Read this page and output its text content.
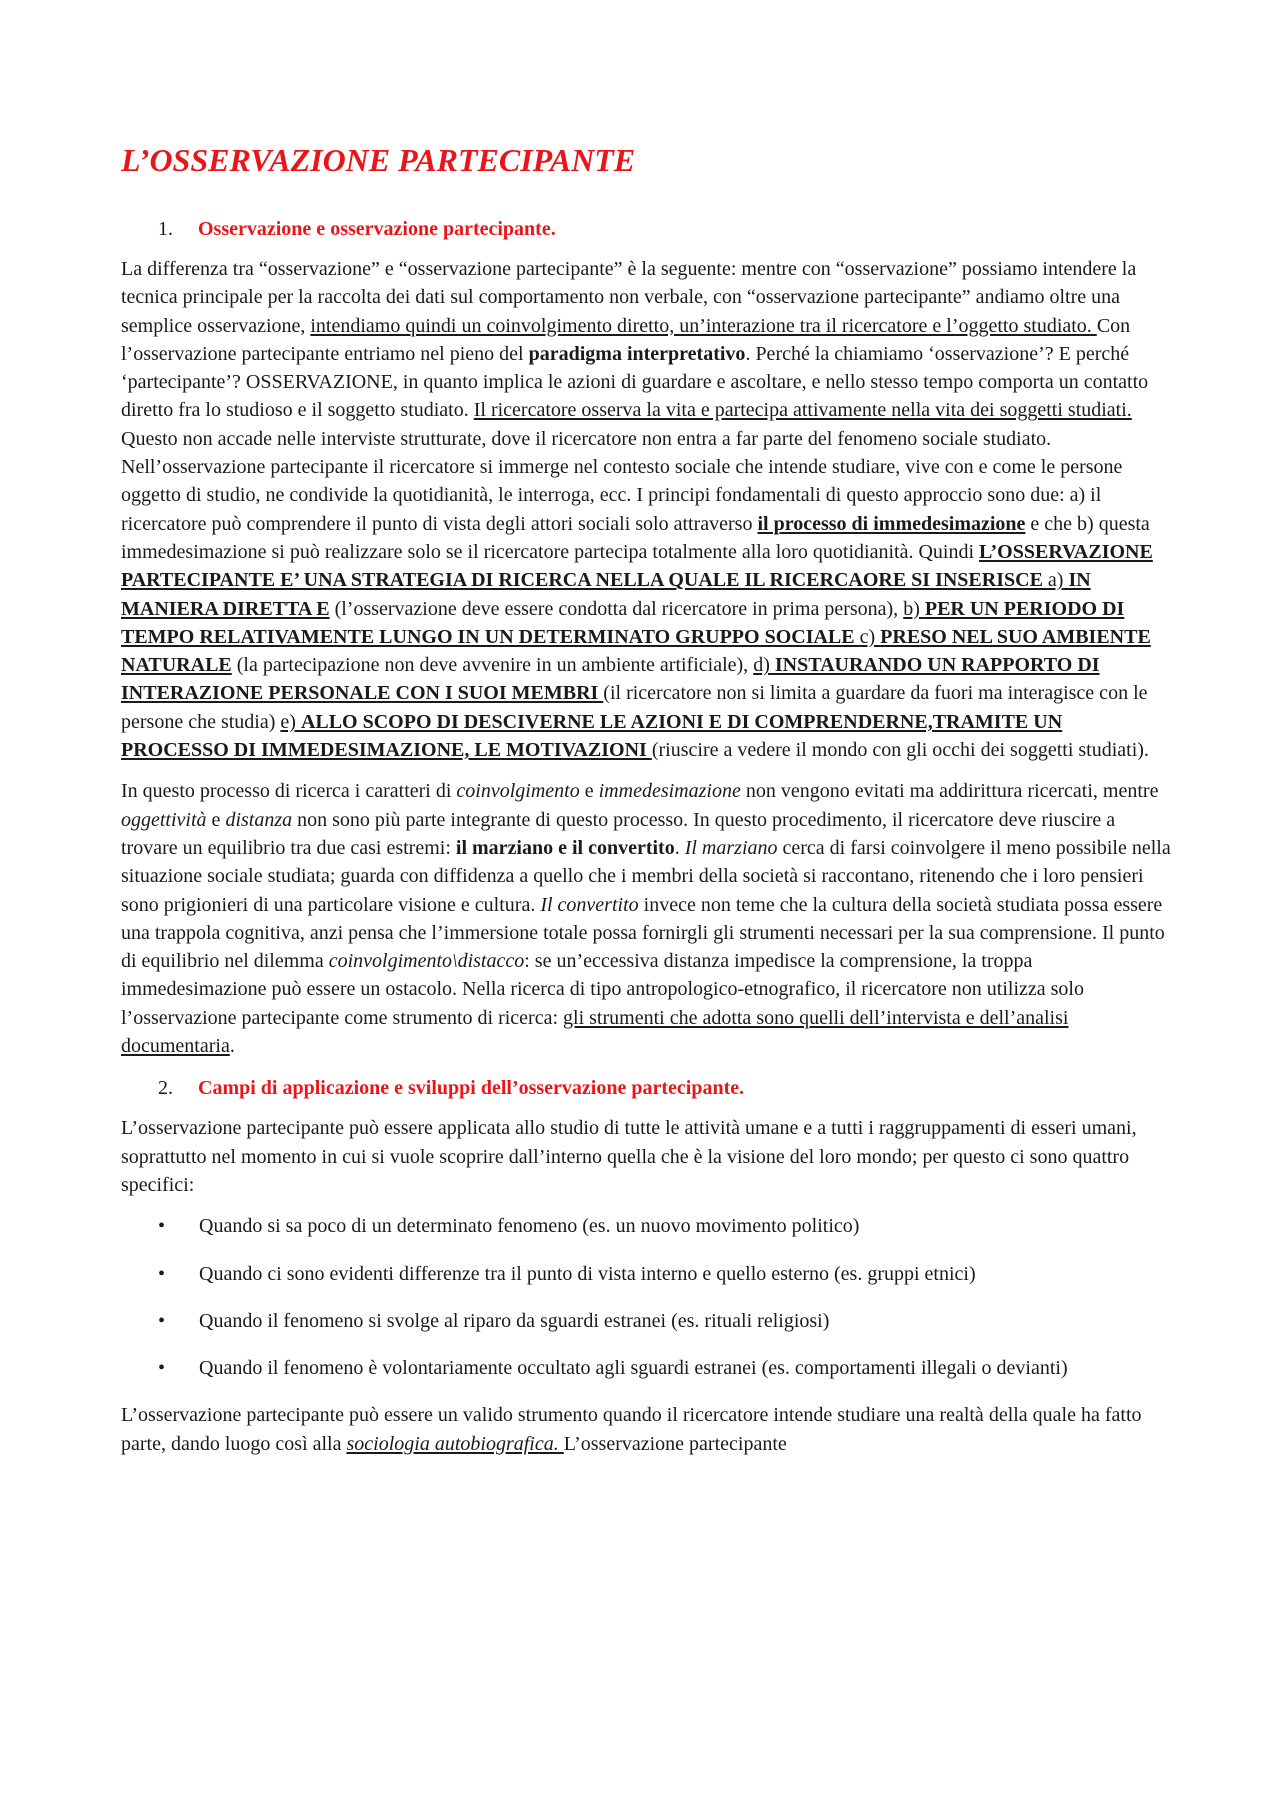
L’OSSERVAZIONE PARTECIPANTE
1.	Osservazione e osservazione partecipante.

La differenza tra “osservazione” e “osservazione partecipante” è la seguente: mentre con “osservazione” possiamo intendere la tecnica principale per la raccolta dei dati sul comportamento non verbale, con “osservazione partecipante” andiamo oltre una semplice osservazione, intendiamo quindi un coinvolgimento diretto, un’interazione tra il ricercatore e l’oggetto studiato. Con l’osservazione partecipante entriamo nel pieno del paradigma interpretativo. Perché la chiamiamo ‘osservazione’? E perché ‘partecipante’? OSSERVAZIONE, in quanto implica le azioni di guardare e ascoltare, e nello stesso tempo comporta un contatto diretto fra lo studioso e il soggetto studiato. Il ricercatore osserva la vita e partecipa attivamente nella vita dei soggetti studiati. Questo non accade nelle interviste strutturate, dove il ricercatore non entra a far parte del fenomeno sociale studiato. Nell’osservazione partecipante il ricercatore si immerge nel contesto sociale che intende studiare, vive con e come le persone oggetto di studio, ne condivide la quotidianità, le interroga, ecc. I principi fondamentali di questo approccio sono due: a) il ricercatore può comprendere il punto di vista degli attori sociali solo attraverso il processo di immedesimazione e che b) questa immedesimazione si può realizzare solo se il ricercatore partecipa totalmente alla loro quotidianità. Quindi L’OSSERVAZIONE PARTECIPANTE E’ UNA STRATEGIA DI RICERCA NELLA QUALE IL RICERCAORE SI INSERISCE a) IN MANIERA DIRETTA E (l’osservazione deve essere condotta dal ricercatore in prima persona), b) PER UN PERIODO DI TEMPO RELATIVAMENTE LUNGO IN UN DETERMINATO GRUPPO SOCIALE c) PRESO NEL SUO AMBIENTE NATURALE (la partecipazione non deve avvenire in un ambiente artificiale), d) INSTAURANDO UN RAPPORTO DI INTERAZIONE PERSONALE CON I SUOI MEMBRI (il ricercatore non si limita a guardare da fuori ma interagisce con le persone che studia) e) ALLO SCOPO DI DESCIVERNE LE AZIONI E DI COMPRENDERNE,TRAMITE UN PROCESSO DI IMMEDESIMAZIONE, LE MOTIVAZIONI (riuscire a vedere il mondo con gli occhi dei soggetti studiati).

In questo processo di ricerca i caratteri di coinvolgimento e immedesimazione non vengono evitati ma addirittura ricercati, mentre oggettività e distanza non sono più parte integrante di questo processo. In questo procedimento, il ricercatore deve riuscire a trovare un equilibrio tra due casi estremi: il marziano e il convertito. Il marziano cerca di farsi coinvolgere il meno possibile nella situazione sociale studiata; guarda con diffidenza a quello che i membri della società si raccontano, ritenendo che i loro pensieri sono prigionieri di una particolare visione e cultura. Il convertito invece non teme che la cultura della società studiata possa essere una trappola cognitiva, anzi pensa che l’immersione totale possa fornirgli gli strumenti necessari per la sua comprensione. Il punto di equilibrio nel dilemma coinvolgimento\distacco: se un’eccessiva distanza impedisce la comprensione, la troppa immedesimazione può essere un ostacolo. Nella ricerca di tipo antropologico-etnografico, il ricercatore non utilizza solo l’osservazione partecipante come strumento di ricerca: gli strumenti che adotta sono quelli dell’intervista e dell’analisi documentaria.

2.	Campi di applicazione e sviluppi dell’osservazione partecipante.

L’osservazione partecipante può essere applicata allo studio di tutte le attività umane e a tutti i raggruppamenti di esseri umani, soprattutto nel momento in cui si vuole scoprire dall’interno quella che è la visione del loro mondo; per questo ci sono quattro specifici:

•	Quando si sa poco di un determinato fenomeno (es. un nuovo movimento politico)
•	Quando ci sono evidenti differenze tra il punto di vista interno e quello esterno (es. gruppi etnici)
•	Quando il fenomeno si svolge al riparo da sguardi estranei (es. rituali religiosi)
•	Quando il fenomeno è volontariamente occultato agli sguardi estranei (es. comportamenti illegali o devianti)

L’osservazione partecipante può essere un valido strumento quando il ricercatore intende studiare una realtà della quale ha fatto parte, dando luogo così alla sociologia autobiografica. L’osservazione partecipante
